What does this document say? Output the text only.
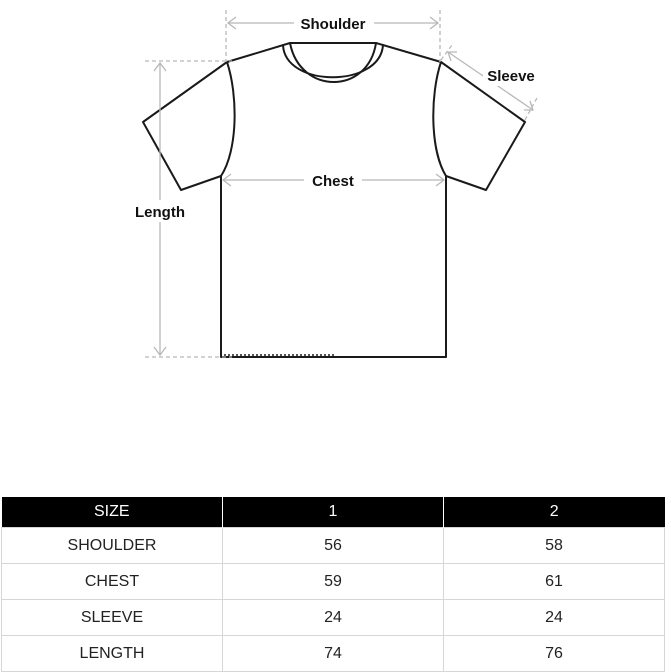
Shoulder
Sleeve
Chest
Length
SIZE	1	2
SHOULDER	56	58
CHEST	59	61
SLEEVE	24	24
LENGTH	74	76
